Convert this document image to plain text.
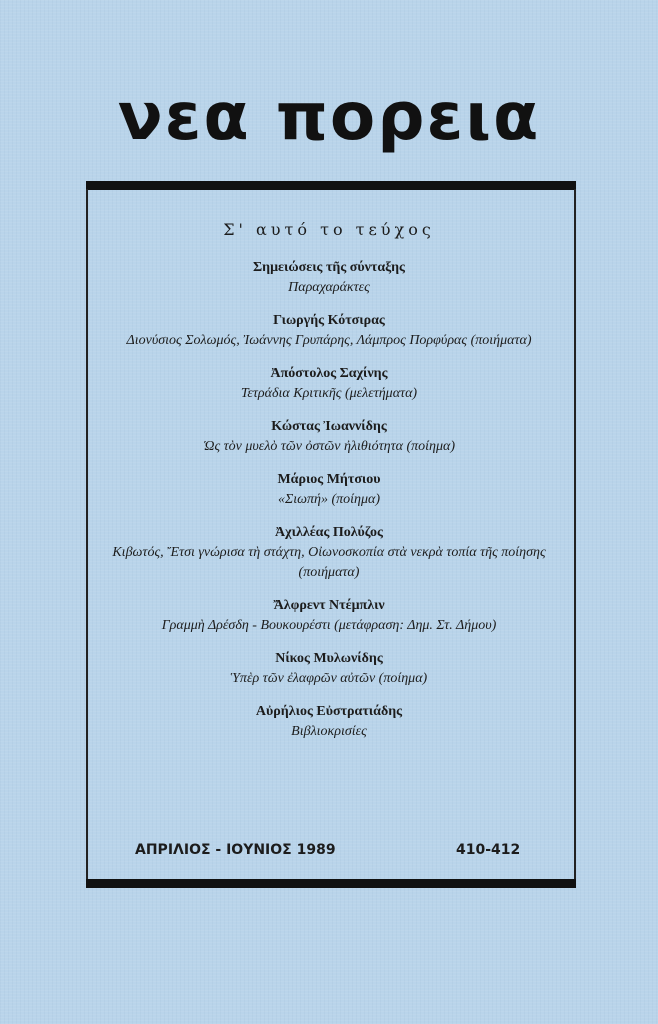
νεα πορεια
Σ' αυτό το τεύχος
Σημειώσεις τῆς σύνταξης
Παραχαράκτες
Γιωργής Κότσιρας
Διονύσιος Σολωμός, Ἰωάννης Γρυπάρης, Λάμπρος Πορφύρας (ποιήματα)
Ἀπόστολος Σαχίνης
Τετράδια Κριτικῆς (μελετήματα)
Κώστας Ἰωαννίδης
Ὡς τὸν μυελὸ τῶν ὀστῶν ἠλιθιότητα (ποίημα)
Μάριος Μήτσιου
«Σιωπή» (ποίημα)
Ἀχιλλέας Πολύζος
Κιβωτός, Ἔτσι γνώρισα τὴ στάχτη, Οἰωνοσκοπία στὰ νεκρὰ τοπία τῆς ποίησης (ποιήματα)
Ἄλφρεντ Ντέμπλιν
Γραμμὴ Δρέσδη - Βουκουρέστι (μετάφραση: Δημ. Στ. Δήμου)
Νίκος Μυλωνίδης
Ὑπὲρ τῶν ἐλαφρῶν αὐτῶν (ποίημα)
Αὐρήλιος Εὐστρατιάδης
Βιβλιοκρισίες
ΑΠΡΙΛΙΟΣ - ΙΟΥΝΙΟΣ 1989	410-412
